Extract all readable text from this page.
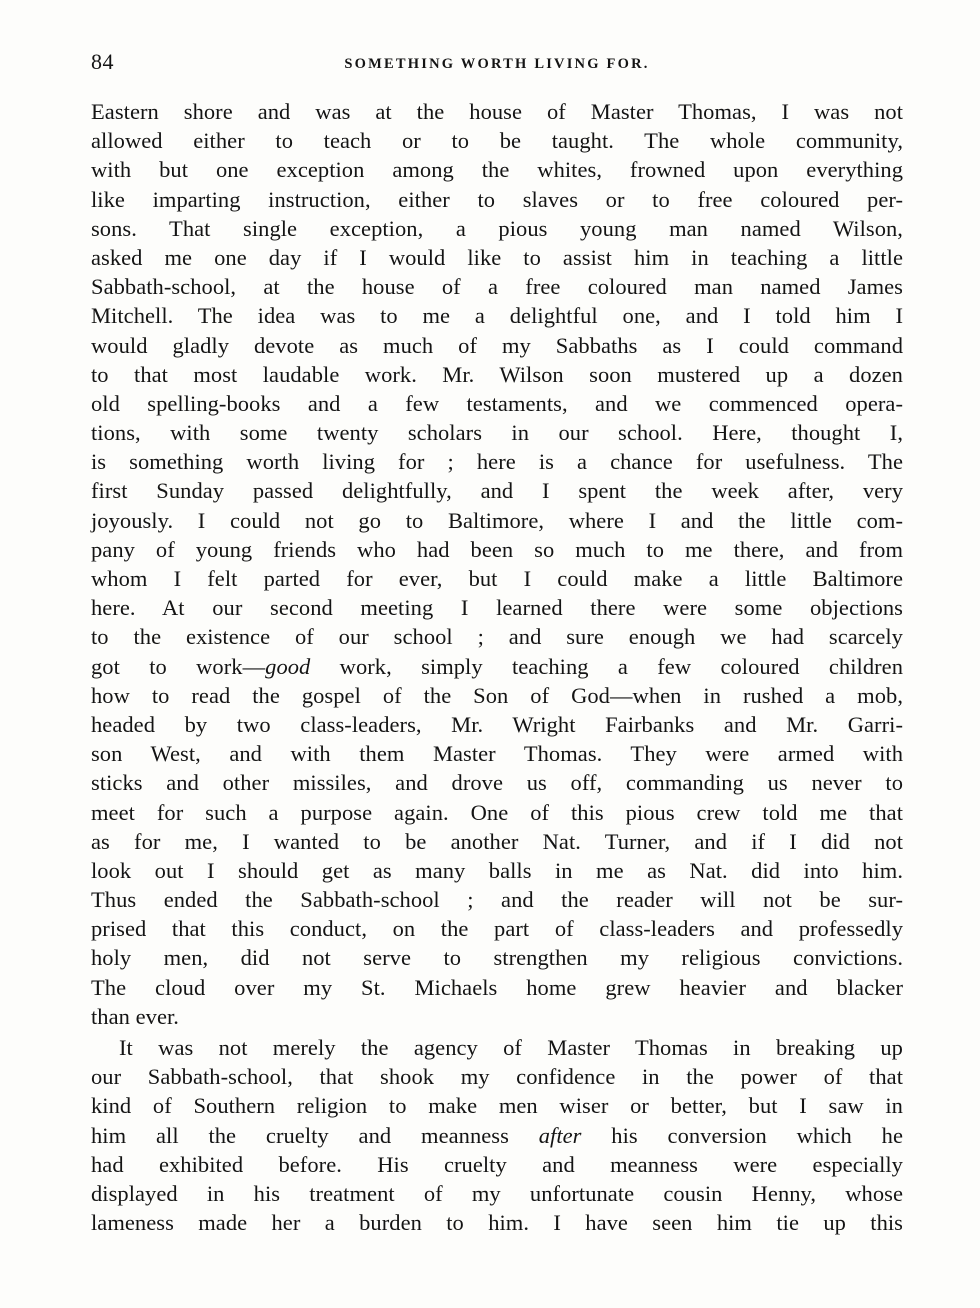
84	SOMETHING WORTH LIVING FOR.
Eastern shore and was at the house of Master Thomas, I was not
allowed either to teach or to be taught. The whole community,
with but one exception among the whites, frowned upon everything
like imparting instruction, either to slaves or to free coloured per-
sons. That single exception, a pious young man named Wilson,
asked me one day if I would like to assist him in teaching a little
Sabbath-school, at the house of a free coloured man named James
Mitchell. The idea was to me a delightful one, and I told him I
would gladly devote as much of my Sabbaths as I could command
to that most laudable work. Mr. Wilson soon mustered up a dozen
old spelling-books and a few testaments, and we commenced opera-
tions, with some twenty scholars in our school. Here, thought I,
is something worth living for ; here is a chance for usefulness. The
first Sunday passed delightfully, and I spent the week after, very
joyously. I could not go to Baltimore, where I and the little com-
pany of young friends who had been so much to me there, and from
whom I felt parted for ever, but I could make a little Baltimore
here. At our second meeting I learned there were some objections
to the existence of our school ; and sure enough we had scarcely
got to work—good work, simply teaching a few coloured children
how to read the gospel of the Son of God—when in rushed a mob,
headed by two class-leaders, Mr. Wright Fairbanks and Mr. Garri-
son West, and with them Master Thomas. They were armed with
sticks and other missiles, and drove us off, commanding us never to
meet for such a purpose again. One of this pious crew told me that
as for me, I wanted to be another Nat. Turner, and if I did not
look out I should get as many balls in me as Nat. did into him.
Thus ended the Sabbath-school ; and the reader will not be sur-
prised that this conduct, on the part of class-leaders and professedly
holy men, did not serve to strengthen my religious convictions.
The cloud over my St. Michaels home grew heavier and blacker
than ever.
It was not merely the agency of Master Thomas in breaking up
our Sabbath-school, that shook my confidence in the power of that
kind of Southern religion to make men wiser or better, but I saw in
him all the cruelty and meanness after his conversion which he
had exhibited before. His cruelty and meanness were especially
displayed in his treatment of my unfortunate cousin Henny, whose
lameness made her a burden to him. I have seen him tie up this
